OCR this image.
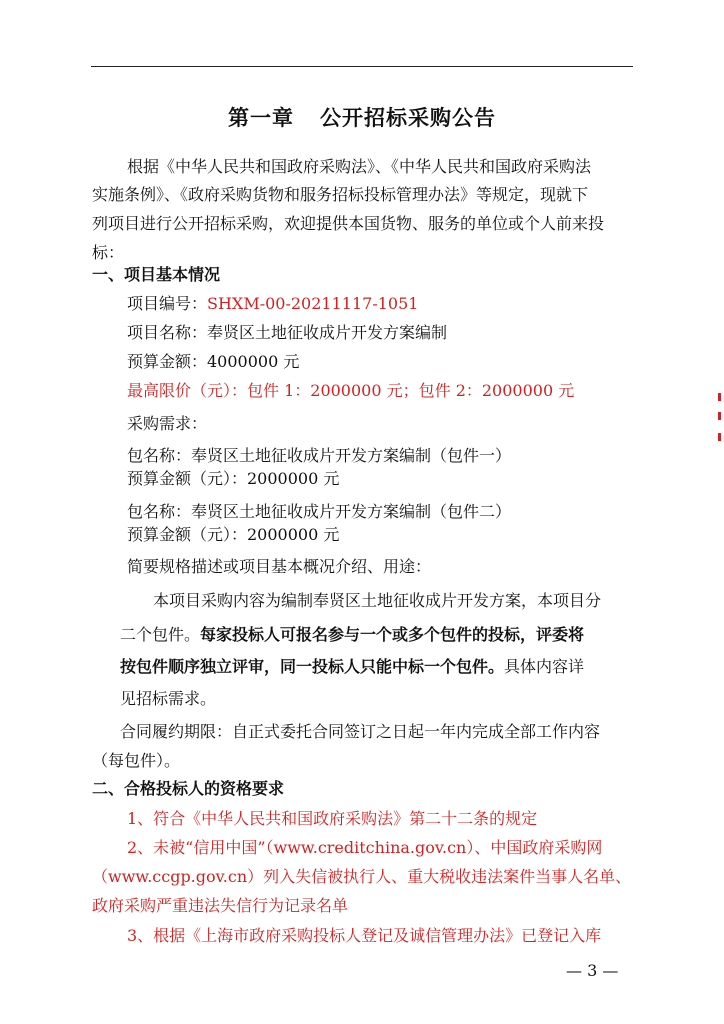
第一章 公开招标采购公告
根据《中华人民共和国政府采购法》、《中华人民共和国政府采购法
实施条例》、《政府采购货物和服务招标投标管理办法》等规定，现就下
列项目进行公开招标采购，欢迎提供本国货物、服务的单位或个人前来投
标：
一、项目基本情况
项目编号：SHXM-00-20211117-1051
项目名称：奉贤区土地征收成片开发方案编制
预算金额：4000000 元
最高限价（元）：包件 1：2000000 元；包件 2：2000000 元
采购需求：
包名称：奉贤区土地征收成片开发方案编制（包件一）
预算金额（元）：2000000 元
包名称：奉贤区土地征收成片开发方案编制（包件二）
预算金额（元）：2000000 元
简要规格描述或项目基本概况介绍、用途：
本项目采购内容为编制奉贤区土地征收成片开发方案，本项目分
二个包件。每家投标人可报名参与一个或多个包件的投标，评委将
按包件顺序独立评审，同一投标人只能中标一个包件。具体内容详
见招标需求。
合同履约期限：自正式委托合同签订之日起一年内完成全部工作内容
（每包件）。
二、合格投标人的资格要求
1、符合《中华人民共和国政府采购法》第二十二条的规定
2、未被“信用中国”（www.creditchina.gov.cn）、中国政府采购网
（www.ccgp.gov.cn）列入失信被执行人、重大税收违法案件当事人名单、
政府采购严重违法失信行为记录名单
3、根据《上海市政府采购投标人登记及诚信管理办法》已登记入库
— 3 —
